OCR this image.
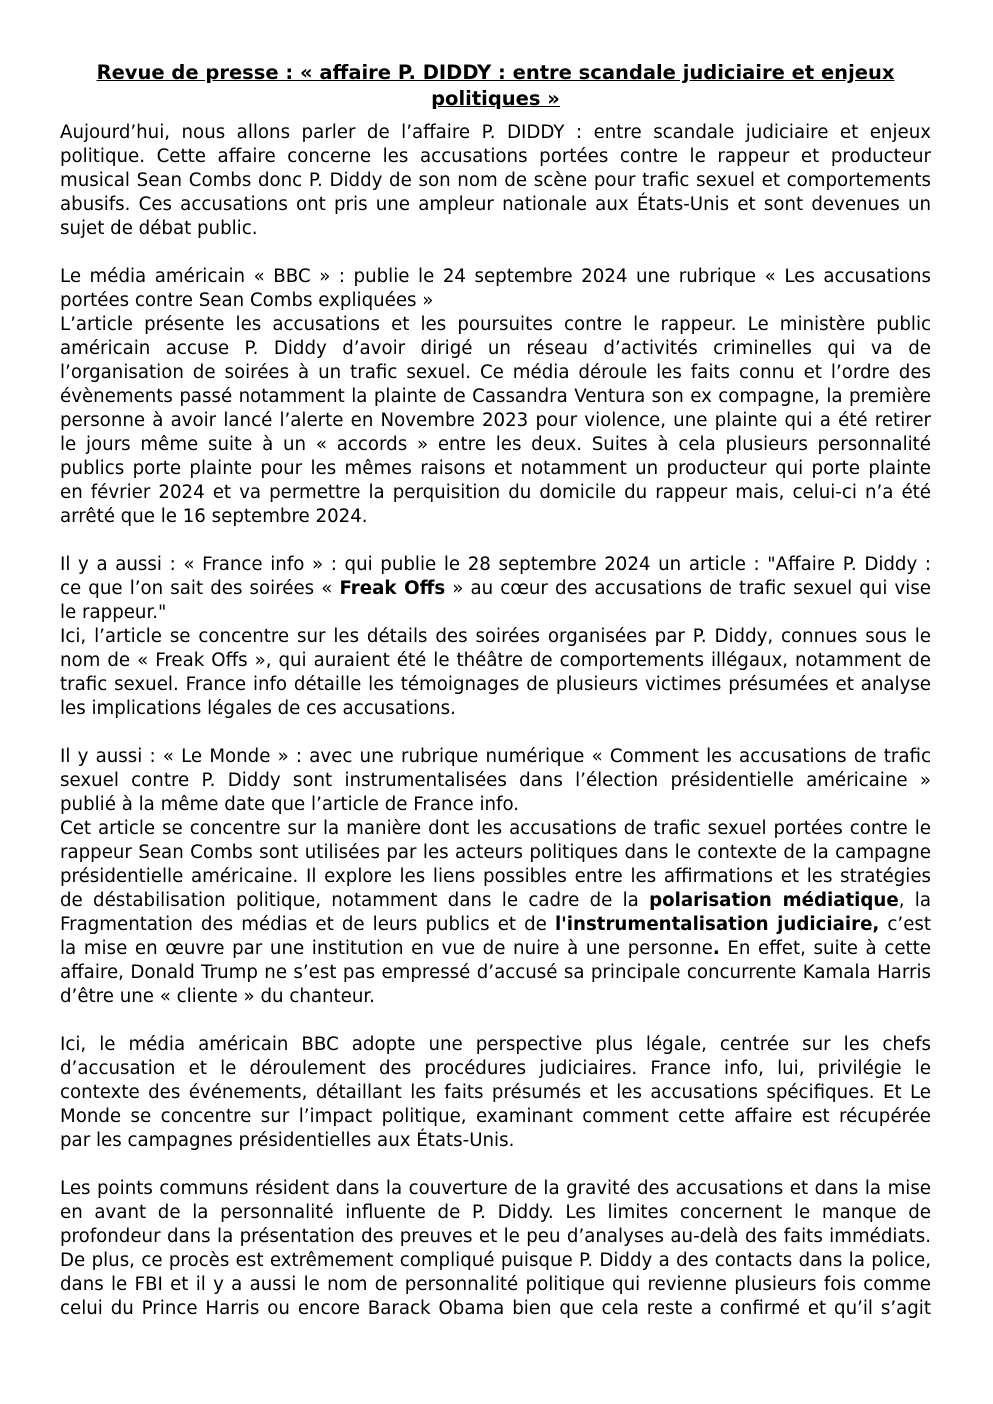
Revue de presse : « affaire P. DIDDY : entre scandale judiciaire et enjeux
politiques »
Aujourd’hui, nous allons parler de l’affaire P. DIDDY : entre scandale judiciaire et enjeux
politique. Cette affaire concerne les accusations portées contre le rappeur et producteur
musical Sean Combs donc P. Diddy de son nom de scène pour trafic sexuel et comportements
abusifs. Ces accusations ont pris une ampleur nationale aux États-Unis et sont devenues un
sujet de débat public.
Le média américain « BBC » : publie le 24 septembre 2024 une rubrique « Les accusations
portées contre Sean Combs expliquées »
L’article présente les accusations et les poursuites contre le rappeur. Le ministère public
américain accuse P. Diddy d’avoir dirigé un réseau d’activités criminelles qui va de
l’organisation de soirées à un trafic sexuel. Ce média déroule les faits connu et l’ordre des
évènements passé notamment la plainte de Cassandra Ventura son ex compagne, la première
personne à avoir lancé l’alerte en Novembre 2023 pour violence, une plainte qui a été retirer
le jours même suite à un « accords » entre les deux. Suites à cela plusieurs personnalité
publics porte plainte pour les mêmes raisons et notamment un producteur qui porte plainte
en février 2024 et va permettre la perquisition du domicile du rappeur mais, celui-ci n’a été
arrêté que le 16 septembre 2024.
Il y a aussi : « France info » : qui publie le 28 septembre 2024 un article : "Affaire P. Diddy :
ce que l’on sait des soirées « Freak Offs » au cœur des accusations de trafic sexuel qui vise
le rappeur."
Ici, l’article se concentre sur les détails des soirées organisées par P. Diddy, connues sous le
nom de « Freak Offs », qui auraient été le théâtre de comportements illégaux, notamment de
trafic sexuel. France info détaille les témoignages de plusieurs victimes présumées et analyse
les implications légales de ces accusations.
Il y aussi : « Le Monde » : avec une rubrique numérique « Comment les accusations de trafic
sexuel contre P. Diddy sont instrumentalisées dans l’élection présidentielle américaine »
publié à la même date que l’article de France info.
Cet article se concentre sur la manière dont les accusations de trafic sexuel portées contre le
rappeur Sean Combs sont utilisées par les acteurs politiques dans le contexte de la campagne
présidentielle américaine. Il explore les liens possibles entre les affirmations et les stratégies
de déstabilisation politique, notamment dans le cadre de la polarisation médiatique, la
Fragmentation des médias et de leurs publics et de l'instrumentalisation judiciaire, c’est
la mise en œuvre par une institution en vue de nuire à une personne. En effet, suite à cette
affaire, Donald Trump ne s’est pas empressé d’accusé sa principale concurrente Kamala Harris
d’être une « cliente » du chanteur.
Ici, le média américain BBC adopte une perspective plus légale, centrée sur les chefs
d’accusation et le déroulement des procédures judiciaires. France info, lui, privilégie le
contexte des événements, détaillant les faits présumés et les accusations spécifiques. Et Le
Monde se concentre sur l’impact politique, examinant comment cette affaire est récupérée
par les campagnes présidentielles aux États-Unis.
Les points communs résident dans la couverture de la gravité des accusations et dans la mise
en avant de la personnalité influente de P. Diddy. Les limites concernent le manque de
profondeur dans la présentation des preuves et le peu d’analyses au-delà des faits immédiats.
De plus, ce procès est extrêmement compliqué puisque P. Diddy a des contacts dans la police,
dans le FBI et il y a aussi le nom de personnalité politique qui revienne plusieurs fois comme
celui du Prince Harris ou encore Barack Obama bien que cela reste a confirmé et qu’il s’agit
